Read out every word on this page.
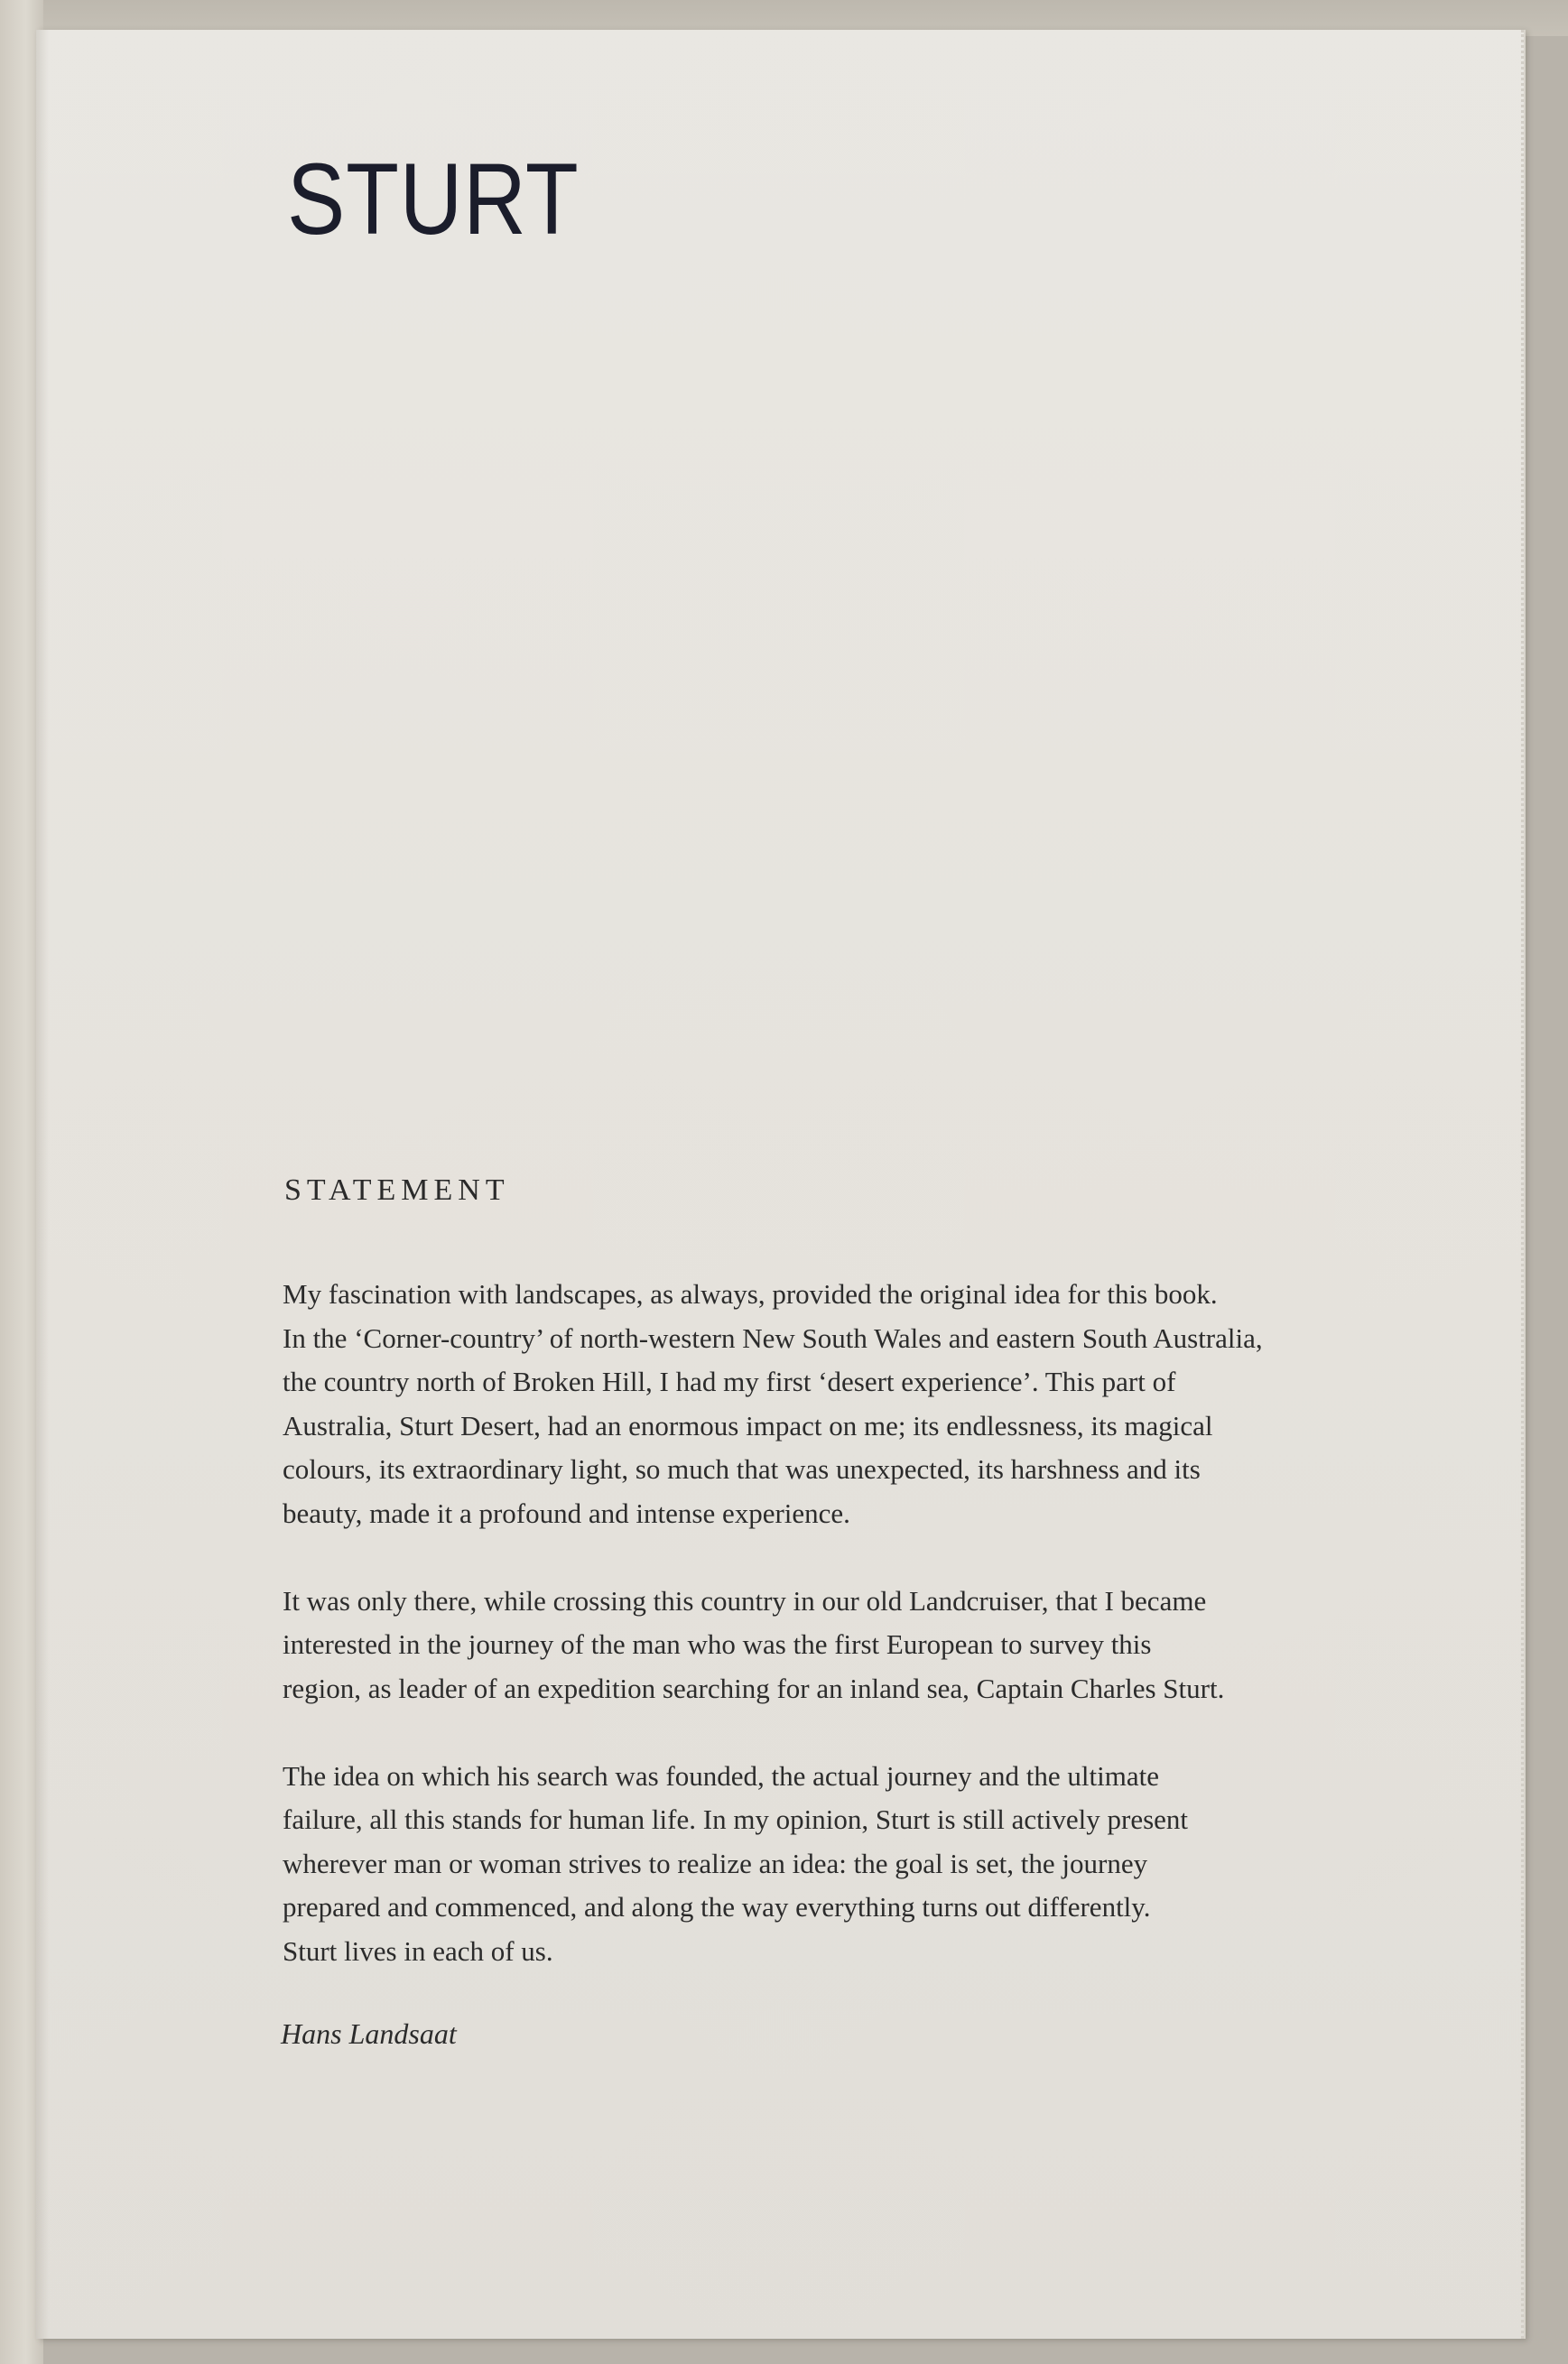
STURT
STATEMENT

My fascination with landscapes, as always, provided the original idea for this book.
In the ‘Corner-country’ of north-western New South Wales and eastern South Australia,
the country north of Broken Hill, I had my first ‘desert experience’. This part of
Australia, Sturt Desert, had an enormous impact on me; its endlessness, its magical
colours, its extraordinary light, so much that was unexpected, its harshness and its
beauty, made it a profound and intense experience.

It was only there, while crossing this country in our old Landcruiser, that I became
interested in the journey of the man who was the first European to survey this
region, as leader of an expedition searching for an inland sea, Captain Charles Sturt.

The idea on which his search was founded, the actual journey and the ultimate
failure, all this stands for human life. In my opinion, Sturt is still actively present
wherever man or woman strives to realize an idea: the goal is set, the journey
prepared and commenced, and along the way everything turns out differently.
Sturt lives in each of us.

Hans Landsaat
